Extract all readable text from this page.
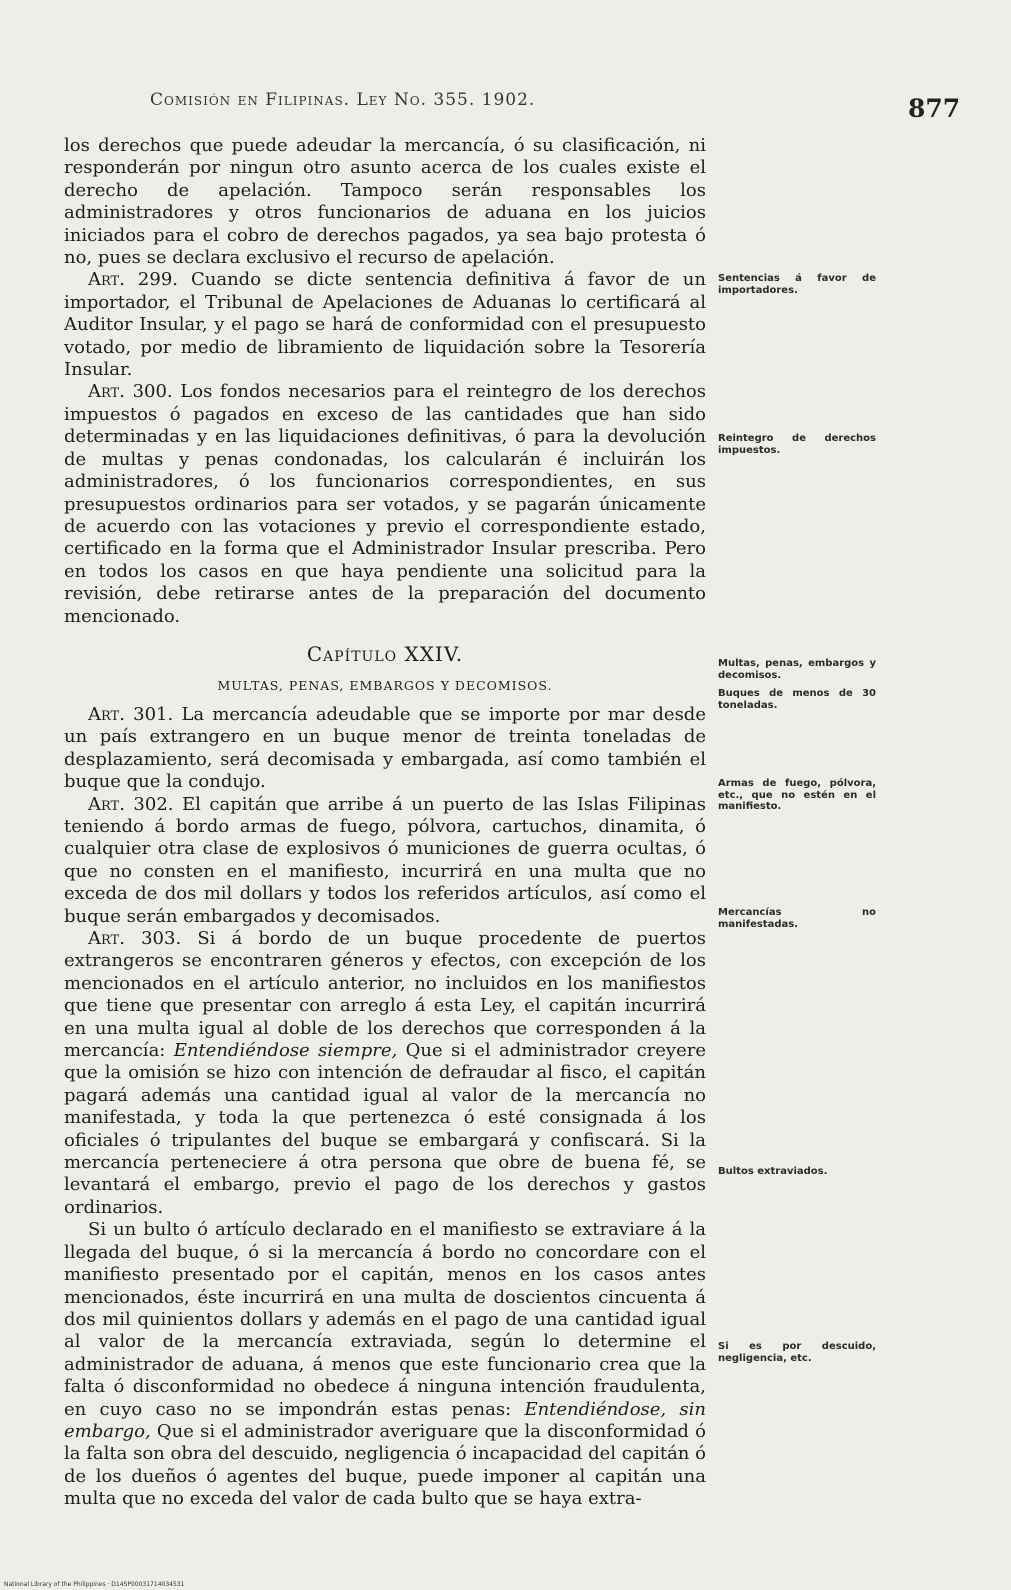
Comisión en Filipinas. Ley No. 355. 1902.	877

los derechos que puede adeudar la mercancía, ó su clasificación, ni responderán por ningun otro asunto acerca de los cuales existe el derecho de apelación. Tampoco serán responsables los administradores y otros funcionarios de aduana en los juicios iniciados para el cobro de derechos pagados, ya sea bajo protesta ó no, pues se declara exclusivo el recurso de apelación.

Art. 299. Cuando se dicte sentencia definitiva á favor de un importador, el Tribunal de Apelaciones de Aduanas lo certificará al Auditor Insular, y el pago se hará de conformidad con el presupuesto votado, por medio de libramiento de liquidación sobre la Tesorería Insular.

Art. 300. Los fondos necesarios para el reintegro de los derechos impuestos ó pagados en exceso de las cantidades que han sido determinadas y en las liquidaciones definitivas, ó para la devolución de multas y penas condonadas, los calcularán é incluirán los administradores, ó los funcionarios correspondientes, en sus presupuestos ordinarios para ser votados, y se pagarán únicamente de acuerdo con las votaciones y previo el correspondiente estado, certificado en la forma que el Administrador Insular prescriba. Pero en todos los casos en que haya pendiente una solicitud para la revisión, debe retirarse antes de la preparación del documento mencionado.

Capítulo XXIV.
MULTAS, PENAS, EMBARGOS Y DECOMISOS.

Art. 301. La mercancía adeudable que se importe por mar desde un país extrangero en un buque menor de treinta toneladas de desplazamiento, será decomisada y embargada, así como también el buque que la condujo.

Art. 302. El capitán que arribe á un puerto de las Islas Filipinas teniendo á bordo armas de fuego, pólvora, cartuchos, dinamita, ó cualquier otra clase de explosivos ó municiones de guerra ocultas, ó que no consten en el manifiesto, incurrirá en una multa que no exceda de dos mil dollars y todos los referidos artículos, así como el buque serán embargados y decomisados.

Art. 303. Si á bordo de un buque procedente de puertos extrangeros se encontraren géneros y efectos, con excepción de los mencionados en el artículo anterior, no incluidos en los manifiestos que tiene que presentar con arreglo á esta Ley, el capitán incurrirá en una multa igual al doble de los derechos que corresponden á la mercancía: Entendiéndose siempre, Que si el administrador creyere que la omisión se hizo con intención de defraudar al fisco, el capitán pagará además una cantidad igual al valor de la mercancía no manifestada, y toda la que pertenezca ó esté consignada á los oficiales ó tripulantes del buque se embargará y confiscará. Si la mercancía perteneciere á otra persona que obre de buena fé, se levantará el embargo, previo el pago de los derechos y gastos ordinarios.

Si un bulto ó artículo declarado en el manifiesto se extraviare á la llegada del buque, ó si la mercancía á bordo no concordare con el manifiesto presentado por el capitán, menos en los casos antes mencionados, éste incurrirá en una multa de doscientos cincuenta á dos mil quinientos dollars y además en el pago de una cantidad igual al valor de la mercancía extraviada, según lo determine el administrador de aduana, á menos que este funcionario crea que la falta ó disconformidad no obedece á ninguna intención fraudulenta, en cuyo caso no se impondrán estas penas: Entendiéndose, sin embargo, Que si el administrador averiguare que la disconformidad ó la falta son obra del descuido, negligencia ó incapacidad del capitán ó de los dueños ó agentes del buque, puede imponer al capitán una multa que no exceda del valor de cada bulto que se haya extra-

Sentencias á favor de importadores.
Reintegro de derechos impuestos.
Multas, penas, embargos y decomisos.
Buques de menos de 30 toneladas.
Armas de fuego, pólvora, etc., que no estén en el manifiesto.
Mercancías no manifestadas.
Bultos extraviados.
Si es por descuido, negligencia, etc.
National Library of the Philippines · D14SP00031714034531
